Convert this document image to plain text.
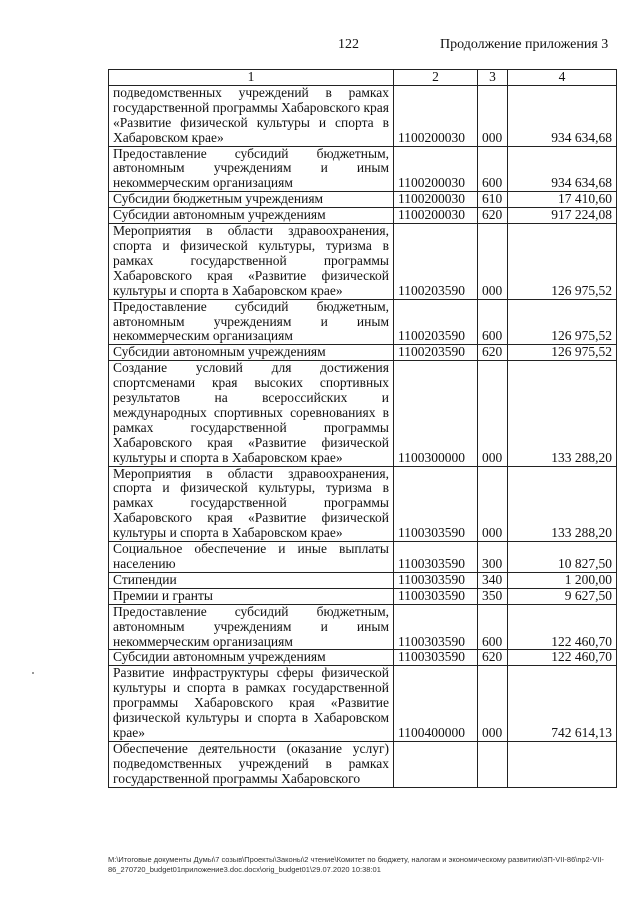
122	Продолжение приложения 3
1	2	3	4
подведомственных учреждений в рамках государственной программы Хабаровского края «Развитие физической культуры и спорта в Хабаровском крае»	1100200030	000	934 634,68
Предоставление субсидий бюджетным, автономным учреждениям и иным некоммерческим организациям	1100200030	600	934 634,68
Субсидии бюджетным учреждениям	1100200030	610	17 410,60
Субсидии автономным учреждениям	1100200030	620	917 224,08
Мероприятия в области здравоохранения, спорта и физической культуры, туризма в рамках государственной программы Хабаровского края «Развитие физической культуры и спорта в Хабаровском крае»	1100203590	000	126 975,52
Предоставление субсидий бюджетным, автономным учреждениям и иным некоммерческим организациям	1100203590	600	126 975,52
Субсидии автономным учреждениям	1100203590	620	126 975,52
Создание условий для достижения спортсменами края высоких спортивных результатов на всероссийских и международных спортивных соревнованиях в рамках государственной программы Хабаровского края «Развитие физической культуры и спорта в Хабаровском крае»	1100300000	000	133 288,20
Мероприятия в области здравоохранения, спорта и физической культуры, туризма в рамках государственной программы Хабаровского края «Развитие физической культуры и спорта в Хабаровском крае»	1100303590	000	133 288,20
Социальное обеспечение и иные выплаты населению	1100303590	300	10 827,50
Стипендии	1100303590	340	1 200,00
Премии и гранты	1100303590	350	9 627,50
Предоставление субсидий бюджетным, автономным учреждениям и иным некоммерческим организациям	1100303590	600	122 460,70
Субсидии автономным учреждениям	1100303590	620	122 460,70
Развитие инфраструктуры сферы физической культуры и спорта в рамках государственной программы Хабаровского края «Развитие физической культуры и спорта в Хабаровском крае»	1100400000	000	742 614,13
Обеспечение деятельности (оказание услуг) подведомственных учреждений в рамках государственной программы Хабаровского			
M:\Итоговые документы Думы\7 созыв\Проекты\Законы\2 чтение\Комитет по бюджету, налогам и экономическому развитию\3П-VII-86\пр2-VII-86_270720_budget01приложение3.doc.docx\orig_budget01\29.07.2020 10:38:01
